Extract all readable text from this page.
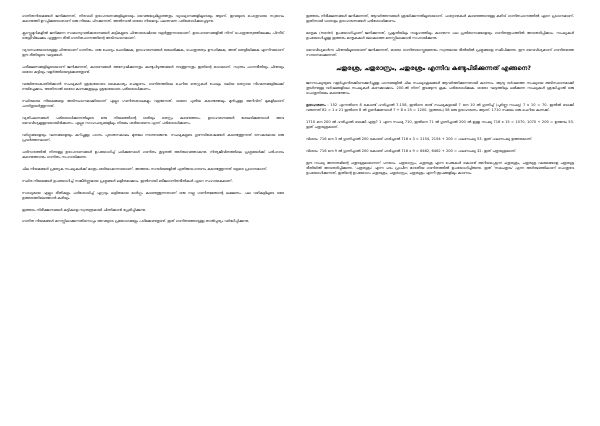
ഗണിതനിയമങ്ങൾ ജനിക്കുന്നത്, നിരവധി ഉദാഹരണങ്ങളിലൂടെയും വൈരുദ്ധ്യമില്ലാത്തതും വ്യാഖ്യാനങ്ങളിലൂടെയും ആണ്. ഇവയുടെ പൊതുവായ സ്വഭാവം കണ്ടെത്തി ഉറപ്പിക്കുമ്പോഴാണ് ഒരു നിയമം പിറക്കുന്നത്. അതിനാൽ ഓരോ നിയമവും പലതവണ പരിശോധിക്കപ്പെടുന്നു.

ക്ലാസ്സുമുറികളിൽ ജനിക്കുന്ന സാമാന്യവൽക്കരണങ്ങൾ കുട്ടികളുടെ ചിന്താശേഷിയെ വളർത്തുന്നവയാണ്. ഉദാഹരണങ്ങളിൽ നിന്ന് പൊതുതത്വത്തിലേക്കും പിന്നീട് തെളിവിലേക്കും എത്തുന്ന രീതി ഗണിതപഠനത്തിന്റെ അടിസ്ഥാനമാണ്.

വ്യവസ്ഥയോടെയുള്ള ചിന്തയാണ് ഗണിതം. ഒരു ചോദ്യം ചോദിക്കുക, ഉദാഹരണങ്ങൾ ശേഖരിക്കുക, പൊതുതത്വം ഊഹിക്കുക, അത് തെളിയിക്കുക എന്നിവയാണ് ഈ രീതിയുടെ ഘട്ടങ്ങൾ.

പരീക്ഷണങ്ങളിലൂടെയാണ് ജനിക്കുന്നത്, കാരണങ്ങൾ അന്വേഷിക്കുന്നതും കണ്ടുപിടുത്തങ്ങൾ നടത്തുന്നതും ഇതിന്റെ ഭാഗമാണ്. സ്വന്തം പഠനരീതിയും ചിന്തയും ഓരോ കുട്ടിയും വളർത്തിയെടുക്കേണ്ടതുണ്ട്.

വഞ്ചിതരാകാതിരിക്കാൻ സംഖ്യകൾ ശ്രദ്ധയോടെ കൈകാര്യം ചെയ്യണം. ഗണിതത്തിലെ ചെറിയ തെറ്റുകൾ പോലും വലിയ തെറ്റായ നിഗമനങ്ങളിലേക്ക് നയിച്ചേക്കാം. അതിനാൽ ഓരോ കണക്കുകൂട്ടലും ശ്രദ്ധയോടെ പരിശോധിക്കണം.

സ്ഥിരമായ നിയമങ്ങളെ അടിസ്ഥാനമാക്കിയാണ് എല്ലാ ഗണിതശാഖകളും വളരുന്നത്. ഓരോ പുതിയ കണ്ടെത്തലും മുൻപുള്ള അറിവിന് മുകളിലാണ് പണിതുയർത്തുന്നത്.

വ്യതിചലനങ്ങൾ പരിശോധിക്കുന്നതിലൂടെ ഒരു നിയമത്തിന്റെ ശരിയും തെറ്റും കണ്ടെത്താം. ഉദാഹരണങ്ങൾ ശേഖരിക്കുമ്പോൾ അവ വൈവിധ്യമുള്ളവയായിരിക്കണം. എല്ലാ സാഹചര്യങ്ങളിലും നിയമം ശരിയാണോ എന്ന് പരിശോധിക്കണം.

വർഗ്ഗങ്ങളെയും ഘനങ്ങളെയും കുറിച്ചുള്ള പഠനം പുരാതനകാലം മുതലേ നടന്നുവരുന്നു. സംഖ്യകളുടെ ഗുണവിശേഷങ്ങൾ കണ്ടെത്തുന്നത് രസകരമായ ഒരു പ്രവർത്തനമാണ്.

പരിസരത്തിൽ നിന്നുള്ള ഉദാഹരണങ്ങൾ ഉപയോഗിച്ച് പഠിക്കുമ്പോൾ ഗണിതം കൂടുതൽ അർത്ഥവത്താകുന്നു. നിത്യജീവിതത്തിലെ പ്രശ്നങ്ങൾക്ക് പരിഹാരം കണ്ടെത്താനും ഗണിതം സഹായിക്കുന്നു.

ചില നിയമങ്ങൾ പ്രത്യേക സംഖ്യകൾക്ക് മാത്രം ശരിയാകുന്നവയാണ്. അത്തരം സന്ദർഭങ്ങളിൽ എതിരുദാഹരണം കണ്ടെത്തുന്നത് വളരെ പ്രധാനമാണ്.

സ്ഥിര നിയമങ്ങൾ ഉപയോഗിച്ച് സങ്കീർണ്ണമായ പ്രശ്നങ്ങൾ ലളിതമാക്കാം. ഇതിനായി ബീജഗണിതരീതികൾ ഏറെ സഹായകമാണ്.

സാധ്യമായ എല്ലാ രീതികളും പരിശോധിച്ച് ഏറ്റവും ലളിതമായ മാർഗ്ഗം കണ്ടെത്തുന്നതാണ് ഒരു നല്ല ഗണിതജ്ഞന്റെ ലക്ഷണം. പല വഴികളിലൂടെ ഒരേ ഉത്തരത്തിലെത്താൻ കഴിയും.

ഇത്തരം നിരീക്ഷണങ്ങൾ കുട്ടികളെ സ്വതന്ത്രമായി ചിന്തിക്കാൻ പ്രേരിപ്പിക്കുന്നു.

ഗണിത നിയമങ്ങൾ മനസ്സിലാക്കുന്നതിനൊപ്പം അവയുടെ പ്രയോഗങ്ങളും പഠിക്കേണ്ടതുണ്ട്. ഇത് ഗണിതത്തോടുള്ള താൽപ്പര്യം വർദ്ധിപ്പിക്കുന്നു.

ഇത്തരം നിരീക്ഷണങ്ങൾ ജനിക്കുന്നത്, ആവർത്തനങ്ങൾ ശ്രദ്ധിക്കുന്നതിലൂടെയാണ്. പാറ്റേണുകൾ കണ്ടെത്താനുള്ള കഴിവ് ഗണിതപഠനത്തിൽ ഏറെ പ്രധാനമാണ്. ഇതിനായി ധാരാളം ഉദാഹരണങ്ങൾ പരിശോധിക്കണം.

മാതൃക (model) ഉപയോഗിച്ചാണ് ജനിക്കുന്നത്, പ്രകൃതിയിലും സമൂഹത്തിലും കാണുന്ന പല പ്രതിഭാസങ്ങളെയും ഗണിതരൂപത്തിൽ അവതരിപ്പിക്കാം. സംഖ്യകൾ ഉപയോഗിച്ചുള്ള ഇത്തരം മാതൃകകൾ ലോകത്തെ മനസ്സിലാക്കാൻ സഹായിക്കുന്നു.

വൈവിധ്യമാർന്ന ചിന്തയിലൂടെയാണ് ജനിക്കുന്നത്, ഓരോ ഗണിതശാസ്ത്രജ്ഞനും സ്വന്തമായ രീതിയിൽ പ്രശ്നങ്ങളെ സമീപിക്കുന്നു. ഈ വൈവിധ്യമാണ് ഗണിതത്തെ സമ്പന്നമാക്കുന്നത്.

ചതുരശ്ര, ചതുരാസ്രം, ചതുരശ്രം എന്നിവ കണ്ടുപിടിക്കുന്നത് എങ്ങനെ?

ജനസംഖ്യയുടെ വളർച്ചാനിരക്കിനെക്കുറിച്ചുള്ള പഠനങ്ങളിൽ ചില സംഖ്യാക്രമങ്ങൾ ആവർത്തിക്കുന്നതായി കാണാം. ആദ്യ വർഷത്തെ സംഖ്യയെ അടിസ്ഥാനമാക്കി തുടർന്നുള്ള വർഷങ്ങളിലെ സംഖ്യകൾ കണക്കാക്കാം. 200-ൽ നിന്ന് തുടങ്ങുന്ന ക്രമം പരിശോധിക്കുക. ഓരോ ഘട്ടത്തിലും ലഭിക്കുന്ന സംഖ്യകൾ ശ്രദ്ധിച്ചാൽ ഒരു പൊതുനിയമം കണ്ടെത്താം.

ഉദാഹരണം : 152 എന്നതിനെ 8 കൊണ്ട് ഹരിച്ചാൽ 7.158, ഇതിനെ രണ്ട് സംഖ്യകളായി 7 നെ 10 ൽ ഗുണിച്ച് (പൂർണ്ണ സംഖ്യ) 7 x 10 = 70. ഇതിൽ ബാക്കി വരുന്നത് 82 = 1 x 21 ഇതിനെ 8 ൽ ഗുണിക്കുമ്പോൾ 7 + 8 x 25 = 1200. (ഉത്തരം) 58 ഒരു ഉദാഹരണം ആണ്. 1710 സമയം ഒരു ചെറിയ കണക്ക്.

1710 നെ 200 ൽ ഹരിച്ചാൽ ബാക്കി എത്ര? 1 എന്ന സംഖ്യ 710, ഇതിനെ 71 ൽ ഗുണിച്ചാൽ 200 ൽ ഉള്ള സംഖ്യ 716 x 15 = 1070, 1070 + 200 = ഉത്തരം 53. ഇത് ചതുരശ്രമാണ്.

വിശദം: 716 നെ 3 ൽ ഗുണിച്ചാൽ 200 കൊണ്ട് ഹരിച്ചാൽ 716 x 3 = 2154, 2154 + 200 = ഫലസംഖ്യ 53. ഇത് ഫലസംഖ്യ ഉത്തരമാണ്.

വിശദം: 716 നെ 9 ൽ ഗുണിച്ചാൽ 200 കൊണ്ട് ഹരിച്ചാൽ 716 x 9 = 6462, 6462 + 200 = ഫലസംഖ്യ 32. ഇത് ചതുരശ്രമാണ്.

ഈ സംഖ്യ അനന്തമിന്റെ ചതുരശ്രമാണെന്ന് പറയാം. ചതുരാസ്രം, ചതുരശ്ര എന്ന പേരുകൾ കൊണ്ട് അറിയപ്പെടുന്ന ചതുരശ്രം, ചതുരശ്ര വലയങ്ങളെ ചതുരശ്ര രീതിയിൽ അവതരിപ്പിക്കുന്നു. 'ചതുരശ്രം' എന്ന പദം പ്രാചീന ഭാരതീയ ഗണിതത്തിൽ ഉപയോഗിച്ചിരുന്നു. ഇത് 'സമചതുരം' എന്ന അർത്ഥത്തിലാണ് പൊതുവേ ഉപയോഗിക്കുന്നത്. ഇതിന്റെ ഉപയോഗം ചതുരശ്രം, ചതുരാസ്രം, ചതുരശ്രം എന്നീ രൂപങ്ങളിലും കാണാം.
